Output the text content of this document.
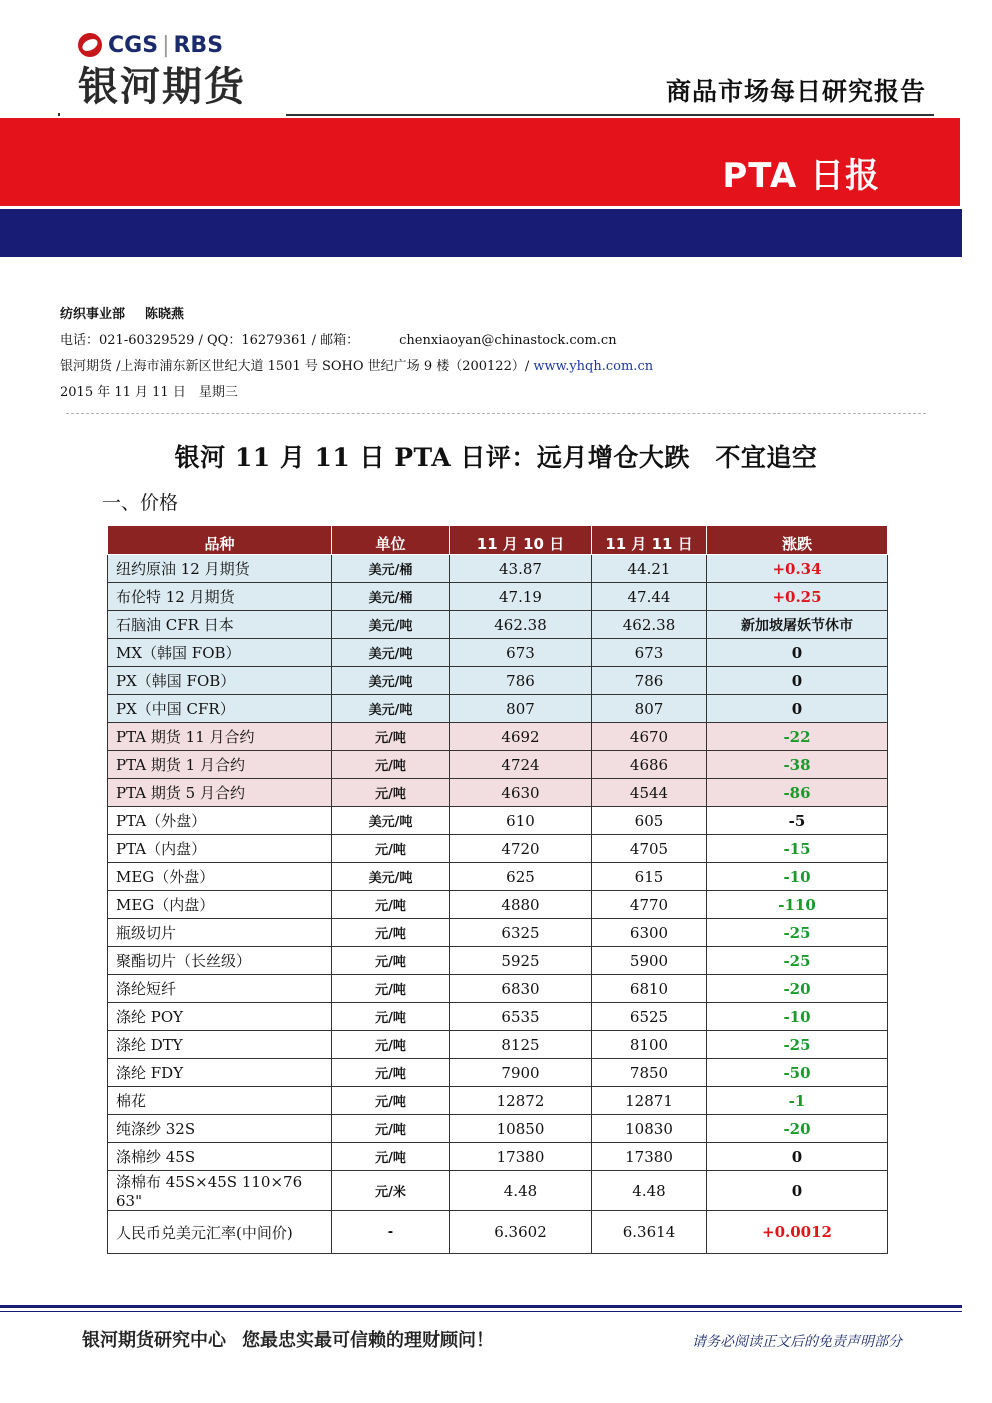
CGS | RBS
银河期货	商品市场每日研究报告
PTA 日报
纺织事业部 陈晓燕
电话：021-60329529 / QQ：16279361 / 邮箱：	chenxiaoyan@chinastock.com.cn
银河期货 /上海市浦东新区世纪大道 1501 号 SOHO 世纪广场 9 楼（200122）/ www.yhqh.com.cn
2015 年 11 月 11 日　星期三
银河 11 月 11 日 PTA 日评：远月增仓大跌　不宜追空
一、价格
品种	单位	11 月 10 日	11 月 11 日	涨跌
纽约原油 12 月期货	美元/桶	43.87	44.21	+0.34
布伦特 12 月期货	美元/桶	47.19	47.44	+0.25
石脑油 CFR 日本	美元/吨	462.38	462.38	新加坡屠妖节休市
MX（韩国 FOB）	美元/吨	673	673	0
PX（韩国 FOB）	美元/吨	786	786	0
PX（中国 CFR）	美元/吨	807	807	0
PTA 期货 11 月合约	元/吨	4692	4670	-22
PTA 期货 1 月合约	元/吨	4724	4686	-38
PTA 期货 5 月合约	元/吨	4630	4544	-86
PTA（外盘）	美元/吨	610	605	-5
PTA（内盘）	元/吨	4720	4705	-15
MEG（外盘）	美元/吨	625	615	-10
MEG（内盘）	元/吨	4880	4770	-110
瓶级切片	元/吨	6325	6300	-25
聚酯切片（长丝级）	元/吨	5925	5900	-25
涤纶短纤	元/吨	6830	6810	-20
涤纶 POY	元/吨	6535	6525	-10
涤纶 DTY	元/吨	8125	8100	-25
涤纶 FDY	元/吨	7900	7850	-50
棉花	元/吨	12872	12871	-1
纯涤纱 32S	元/吨	10850	10830	-20
涤棉纱 45S	元/吨	17380	17380	0
涤棉布 45S×45S 110×76 63"	元/米	4.48	4.48	0
人民币兑美元汇率(中间价)	-	6.3602	6.3614	+0.0012
银河期货研究中心 您最忠实最可信赖的理财顾问！	请务必阅读正文后的免责声明部分
